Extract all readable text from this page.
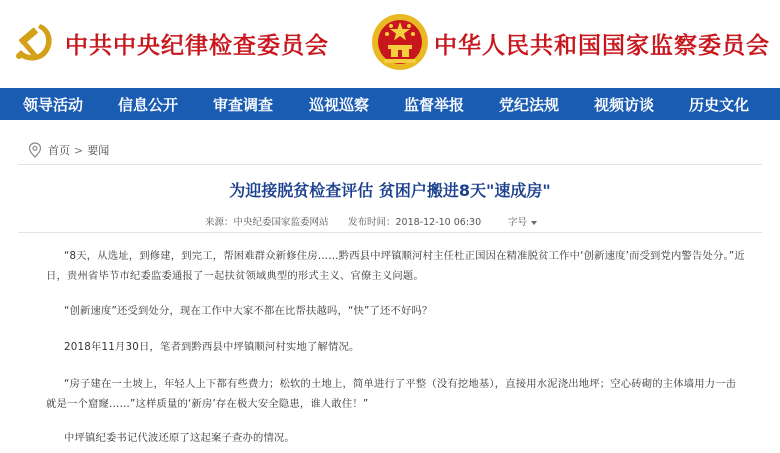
中共中央纪律检查委员会	中华人民共和国国家监察委员会
领导活动 信息公开 审查调查 巡视巡察 监督举报 党纪法规 视频访谈 历史文化
首页 > 要闻
为迎接脱贫检查评估 贫困户搬进8天"速成房"
来源：中央纪委国家监委网站 发布时间：2018-12-10 06:30	字号
“8天，从选址，到修建，到完工，帮困难群众新修住房……黔西县中坪镇顺河村主任杜正国因在精准脱贫工作中‘创新速度’而受到党内警告处分。”近日，贵州省毕节市纪委监委通报了一起扶贫领域典型的形式主义、官僚主义问题。
“创新速度”还受到处分，现在工作中大家不都在比帮扶越吗，“快”了还不好吗？
2018年11月30日，笔者到黔西县中坪镇顺河村实地了解情况。
“房子建在一土坡上，年轻人上下都有些费力；松软的土地上，简单进行了平整（没有挖地基），直接用水泥浇出地坪；空心砖砌的主体墙用力一击就是一个窟窿……”这样质量的‘新房’存在极大安全隐患，谁人敢住！”
中坪镇纪委书记代波还原了这起案子查办的情况。
